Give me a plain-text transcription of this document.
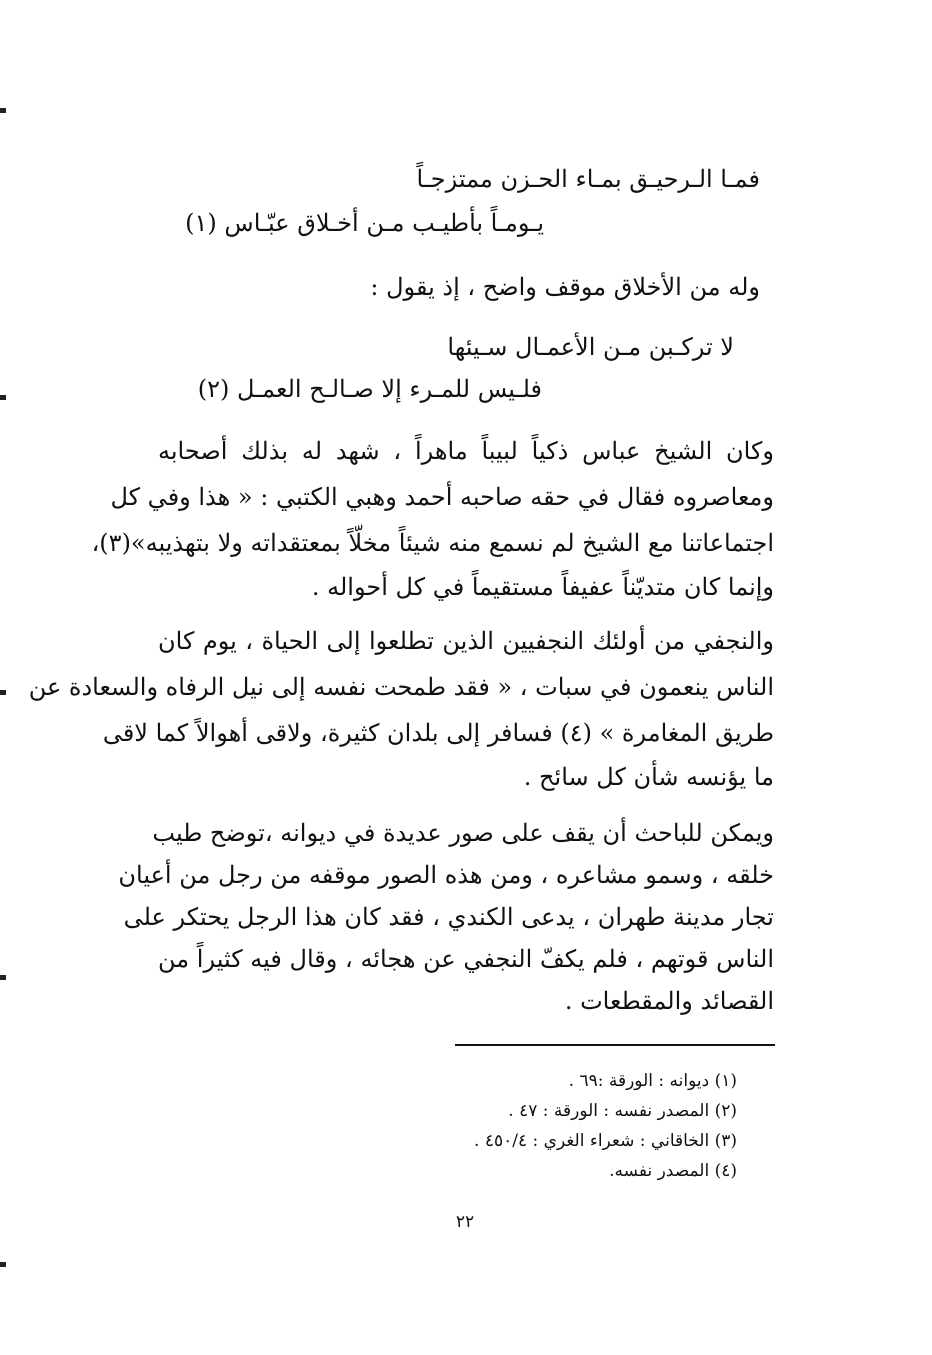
فمـا الـرحيـق بمـاء الحـزن ممتزجـاً
يـومـاً بأطيـب مـن أخـلاق عبّـاس (١)
وله من الأخلاق موقف واضح ، إذ يقول :
لا تركـبن مـن الأعمـال سـيئها
فلـيس للمـرء إلا صـالـح العمـل (٢)
وكان الشيخ عباس ذكياً لبيباً ماهراً ، شهد له بذلك أصحابه
ومعاصروه فقال في حقه صاحبه أحمد وهبي الكتبي : « هذا وفي كل
اجتماعاتنا مع الشيخ لم نسمع منه شيئاً مخلّاً بمعتقداته ولا بتهذيبه»(٣)،
وإنما كان متديّناً عفيفاً مستقيماً في كل أحواله .
والنجفي من أولئك النجفيين الذين تطلعوا إلى الحياة ، يوم كان
الناس ينعمون في سبات ، « فقد طمحت نفسه إلى نيل الرفاه والسعادة عن
طريق المغامرة » (٤) فسافر إلى بلدان كثيرة، ولاقى أهوالاً كما لاقى
ما يؤنسه شأن كل سائح .
ويمكن للباحث أن يقف على صور عديدة في ديوانه ،توضح طيب
خلقه ، وسمو مشاعره ، ومن هذه الصور موقفه من رجل من أعيان
تجار مدينة طهران ، يدعى الكندي ، فقد كان هذا الرجل يحتكر على
الناس قوتهم ، فلم يكفّ النجفي عن هجائه ، وقال فيه كثيراً من
القصائد والمقطعات .
(١) ديوانه : الورقة :٦٩ .
(٢) المصدر نفسه : الورقة : ٤٧ .
(٣) الخاقاني : شعراء الغري : ٤٥٠/٤ .
(٤) المصدر نفسه.
٢٢
